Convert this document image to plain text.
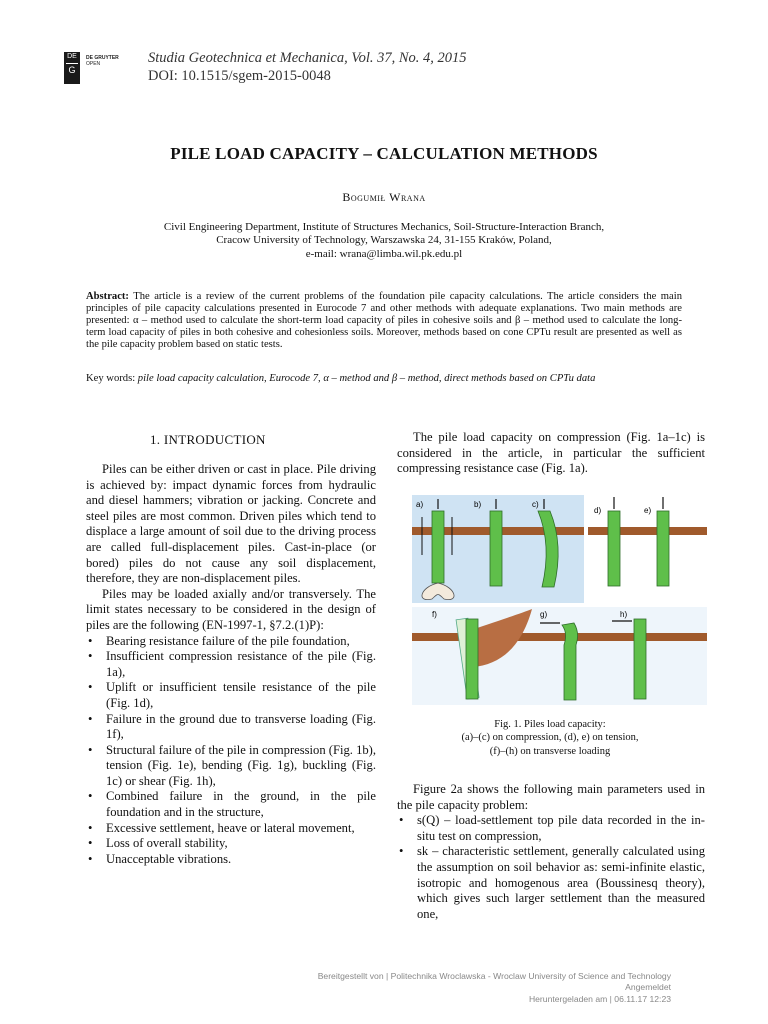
DE
G
DE GRUYTER
OPEN	Studia Geotechnica et Mechanica, Vol. 37, No. 4, 2015
DOI: 10.1515/sgem-2015-0048
PILE LOAD CAPACITY – CALCULATION METHODS
Bogumił Wrana
Civil Engineering Department, Institute of Structures Mechanics, Soil-Structure-Interaction Branch,
Cracow University of Technology, Warszawska 24, 31-155 Kraków, Poland,
e-mail: wrana@limba.wil.pk.edu.pl
Abstract: The article is a review of the current problems of the foundation pile capacity calculations. The article considers the main principles of pile capacity calculations presented in Eurocode 7 and other methods with adequate explanations. Two main methods are presented: α – method used to calculate the short-term load capacity of piles in cohesive soils and β – method used to calculate the long- term load capacity of piles in both cohesive and cohesionless soils. Moreover, methods based on cone CPTu result are presented as well as the pile capacity problem based on static tests.
Key words: pile load capacity calculation, Eurocode 7, α – method and β – method, direct methods based on CPTu data
1. INTRODUCTION

Piles can be either driven or cast in place. Pile driving is achieved by: impact dynamic forces from hydraulic and diesel hammers; vibration or jacking. Concrete and steel piles are most common. Driven piles which tend to displace a large amount of soil due to the driving process are called full-displacement piles. Cast-in-place (or bored) piles do not cause any soil displacement, therefore, they are non-displacement piles.

Piles may be loaded axially and/or transversely. The limit states necessary to be considered in the design of piles are the following (EN-1997-1, §7.2.(1)P):

• Bearing resistance failure of the pile foundation,
• Insufficient compression resistance of the pile (Fig. 1a),
• Uplift or insufficient tensile resistance of the pile (Fig. 1d),
• Failure in the ground due to transverse loading (Fig. 1f),
• Structural failure of the pile in compression (Fig. 1b), tension (Fig. 1e), bending (Fig. 1g), buckling (Fig. 1c) or shear (Fig. 1h),
• Combined failure in the ground, in the pile foundation and in the structure,
• Excessive settlement, heave or lateral movement,
• Loss of overall stability,
• Unacceptable vibrations.

The pile load capacity on compression (Fig. 1a–1c) is considered in the article, in particular the sufficient compressing resistance case (Fig. 1a).

a)	b)	c)
d)	e)
f)	g)	h)
Fig. 1. Piles load capacity:
(a)–(c) on compression, (d), e) on tension,
(f)–(h) on transverse loading

Figure 2a shows the following main parameters used in the pile capacity problem:

• s(Q) – load-settlement top pile data recorded in the in-situ test on compression,
• sk – characteristic settlement, generally calculated using the assumption on soil behavior as: semi-infinite elastic, isotropic and homogenous area (Boussinesq theory), which gives such larger settlement than the measured one,
Bereitgestellt von | Politechnika Wroclawska - Wroclaw University of Science and Technology
Angemeldet
Heruntergeladen am | 06.11.17 12:23
